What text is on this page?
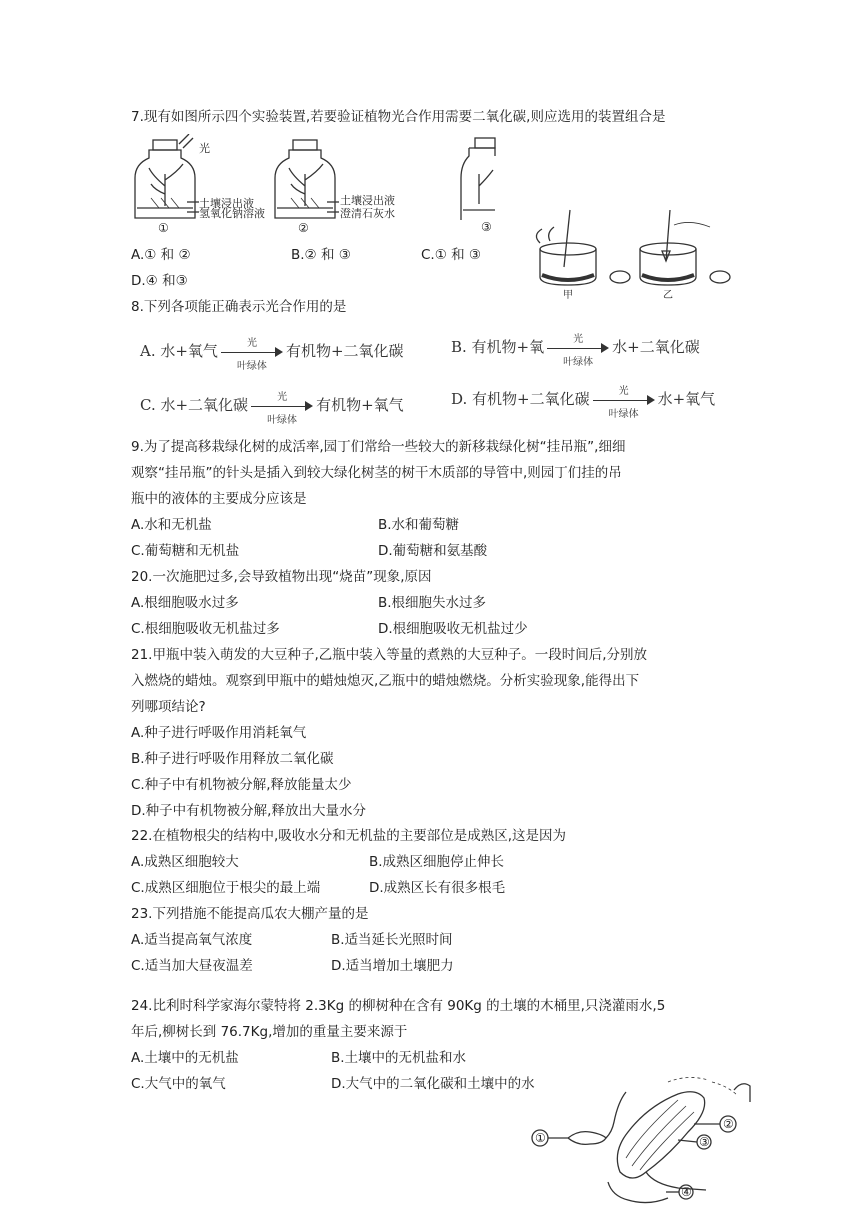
7.现有如图所示四个实验装置,若要验证植物光合作用需要二氧化碳,则应选用的装置组合是
光
土壤浸出液
氢氧化钠溶液
①
土壤浸出液
澄清石灰水
②	③
甲	乙
A.① 和 ②	B.② 和 ③	C.① 和 ③
D.④ 和③
8.下列各项能正确表示光合作用的是
A. 水+氧气	光
叶绿体
有机物+二氧化碳	B. 有机物+氧	光
叶绿体
水+二氧化碳
C. 水+二氧化碳	光
叶绿体
有机物+氧气	D. 有机物+二氧化碳	光
叶绿体
水+氧气
9.为了提高移栽绿化树的成活率,园丁们常给一些较大的新移栽绿化树“挂吊瓶”,细细
观察“挂吊瓶”的针头是插入到较大绿化树茎的树干木质部的导管中,则园丁们挂的吊
瓶中的液体的主要成分应该是
A.水和无机盐	B.水和葡萄糖
C.葡萄糖和无机盐	D.葡萄糖和氨基酸
20.一次施肥过多,会导致植物出现“烧苗”现象,原因
A.根细胞吸水过多	B.根细胞失水过多
C.根细胞吸收无机盐过多	D.根细胞吸收无机盐过少
21.甲瓶中装入萌发的大豆种子,乙瓶中装入等量的煮熟的大豆种子。一段时间后,分别放
入燃烧的蜡烛。观察到甲瓶中的蜡烛熄灭,乙瓶中的蜡烛燃烧。分析实验现象,能得出下
列哪项结论?
A.种子进行呼吸作用消耗氧气
B.种子进行呼吸作用释放二氧化碳
C.种子中有机物被分解,释放能量太少
D.种子中有机物被分解,释放出大量水分
22.在植物根尖的结构中,吸收水分和无机盐的主要部位是成熟区,这是因为
A.成熟区细胞较大	B.成熟区细胞停止伸长
C.成熟区细胞位于根尖的最上端	D.成熟区长有很多根毛
23.下列措施不能提高瓜农大棚产量的是
A.适当提高氧气浓度	B.适当延长光照时间
C.适当加大昼夜温差	D.适当增加土壤肥力
24.比利时科学家海尔蒙特将 2.3Kg 的柳树种在含有 90Kg 的土壤的木桶里,只浇灌雨水,5
年后,柳树长到 76.7Kg,增加的重量主要来源于
A.土壤中的无机盐	B.土壤中的无机盐和水
C.大气中的氧气	D.大气中的二氧化碳和土壤中的水
①
②
③
④
